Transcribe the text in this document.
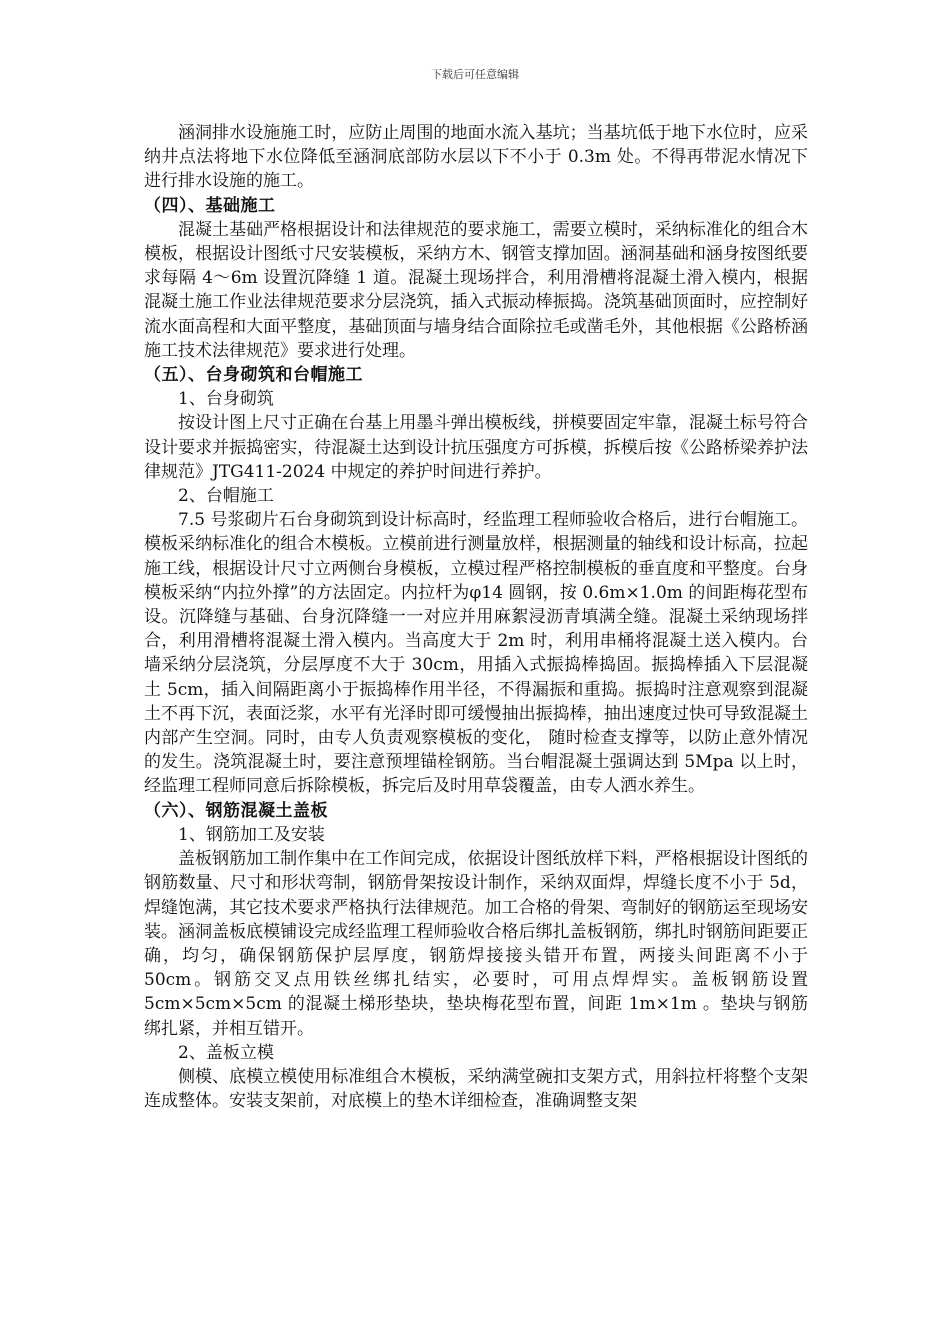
下载后可任意编辑

涵洞排水设施施工时，应防止周围的地面水流入基坑；当基坑低于地下水位时，应采纳井点法将地下水位降低至涵洞底部防水层以下不小于 0.3m 处。不得再带泥水情况下进行排水设施的施工。

（四）、基础施工

混凝土基础严格根据设计和法律规范的要求施工，需要立模时，采纳标准化的组合木模板，根据设计图纸寸尺安装模板，采纳方木、钢管支撑加固。涵洞基础和涵身按图纸要求每隔 4～6m 设置沉降缝 1 道。混凝土现场拌合，利用滑槽将混凝土滑入模内，根据混凝土施工作业法律规范要求分层浇筑，插入式振动棒振捣。浇筑基础顶面时，应控制好流水面高程和大面平整度，基础顶面与墙身结合面除拉毛或凿毛外，其他根据《公路桥涵施工技术法律规范》要求进行处理。

（五）、台身砌筑和台帽施工
1、台身砌筑

按设计图上尺寸正确在台基上用墨斗弹出模板线，拼模要固定牢靠，混凝土标号符合设计要求并振捣密实，待混凝土达到设计抗压强度方可拆模，拆模后按《公路桥梁养护法律规范》JTG411-2024 中规定的养护时间进行养护。

2、台帽施工

7.5 号浆砌片石台身砌筑到设计标高时，经监理工程师验收合格后，进行台帽施工。模板采纳标准化的组合木模板。立模前进行测量放样，根据测量的轴线和设计标高，拉起施工线，根据设计尺寸立两侧台身模板，立模过程严格控制模板的垂直度和平整度。台身模板采纳“内拉外撑”的方法固定。内拉杆为φ14 圆钢，按 0.6m×1.0m 的间距梅花型布设。沉降缝与基础、台身沉降缝一一对应并用麻絮浸沥青填满全缝。混凝土采纳现场拌合，利用滑槽将混凝土滑入模内。当高度大于 2m 时，利用串桶将混凝土送入模内。台墙采纳分层浇筑，分层厚度不大于 30cm，用插入式振捣棒捣固。振捣棒插入下层混凝土 5cm，插入间隔距离小于振捣棒作用半径，不得漏振和重捣。振捣时注意观察到混凝土不再下沉，表面泛浆，水平有光泽时即可缓慢抽出振捣棒，抽出速度过快可导致混凝土内部产生空洞。同时，由专人负责观察模板的变化， 随时检查支撑等，以防止意外情况的发生。浇筑混凝土时，要注意预埋锚栓钢筋。当台帽混凝土强调达到 5Mpa 以上时，经监理工程师同意后拆除模板，拆完后及时用草袋覆盖，由专人洒水养生。

（六）、钢筋混凝土盖板
1、钢筋加工及安装

盖板钢筋加工制作集中在工作间完成，依据设计图纸放样下料，严格根据设计图纸的钢筋数量、尺寸和形状弯制，钢筋骨架按设计制作，采纳双面焊，焊缝长度不小于 5d，焊缝饱满，其它技术要求严格执行法律规范。加工合格的骨架、弯制好的钢筋运至现场安装。涵洞盖板底模铺设完成经监理工程师验收合格后绑扎盖板钢筋，绑扎时钢筋间距要正确，均匀，确保钢筋保护层厚度，钢筋焊接接头错开布置，两接头间距离不小于 50cm。钢筋交叉点用铁丝绑扎结实，必要时，可用点焊焊实。盖板钢筋设置 5cm×5cm×5cm 的混凝土梯形垫块，垫块梅花型布置，间距 1m×1m 。垫块与钢筋绑扎紧，并相互错开。

2、盖板立模

侧模、底模立模使用标准组合木模板，采纳满堂碗扣支架方式，用斜拉杆将整个支架连成整体。安装支架前，对底模上的垫木详细检查，准确调整支架
